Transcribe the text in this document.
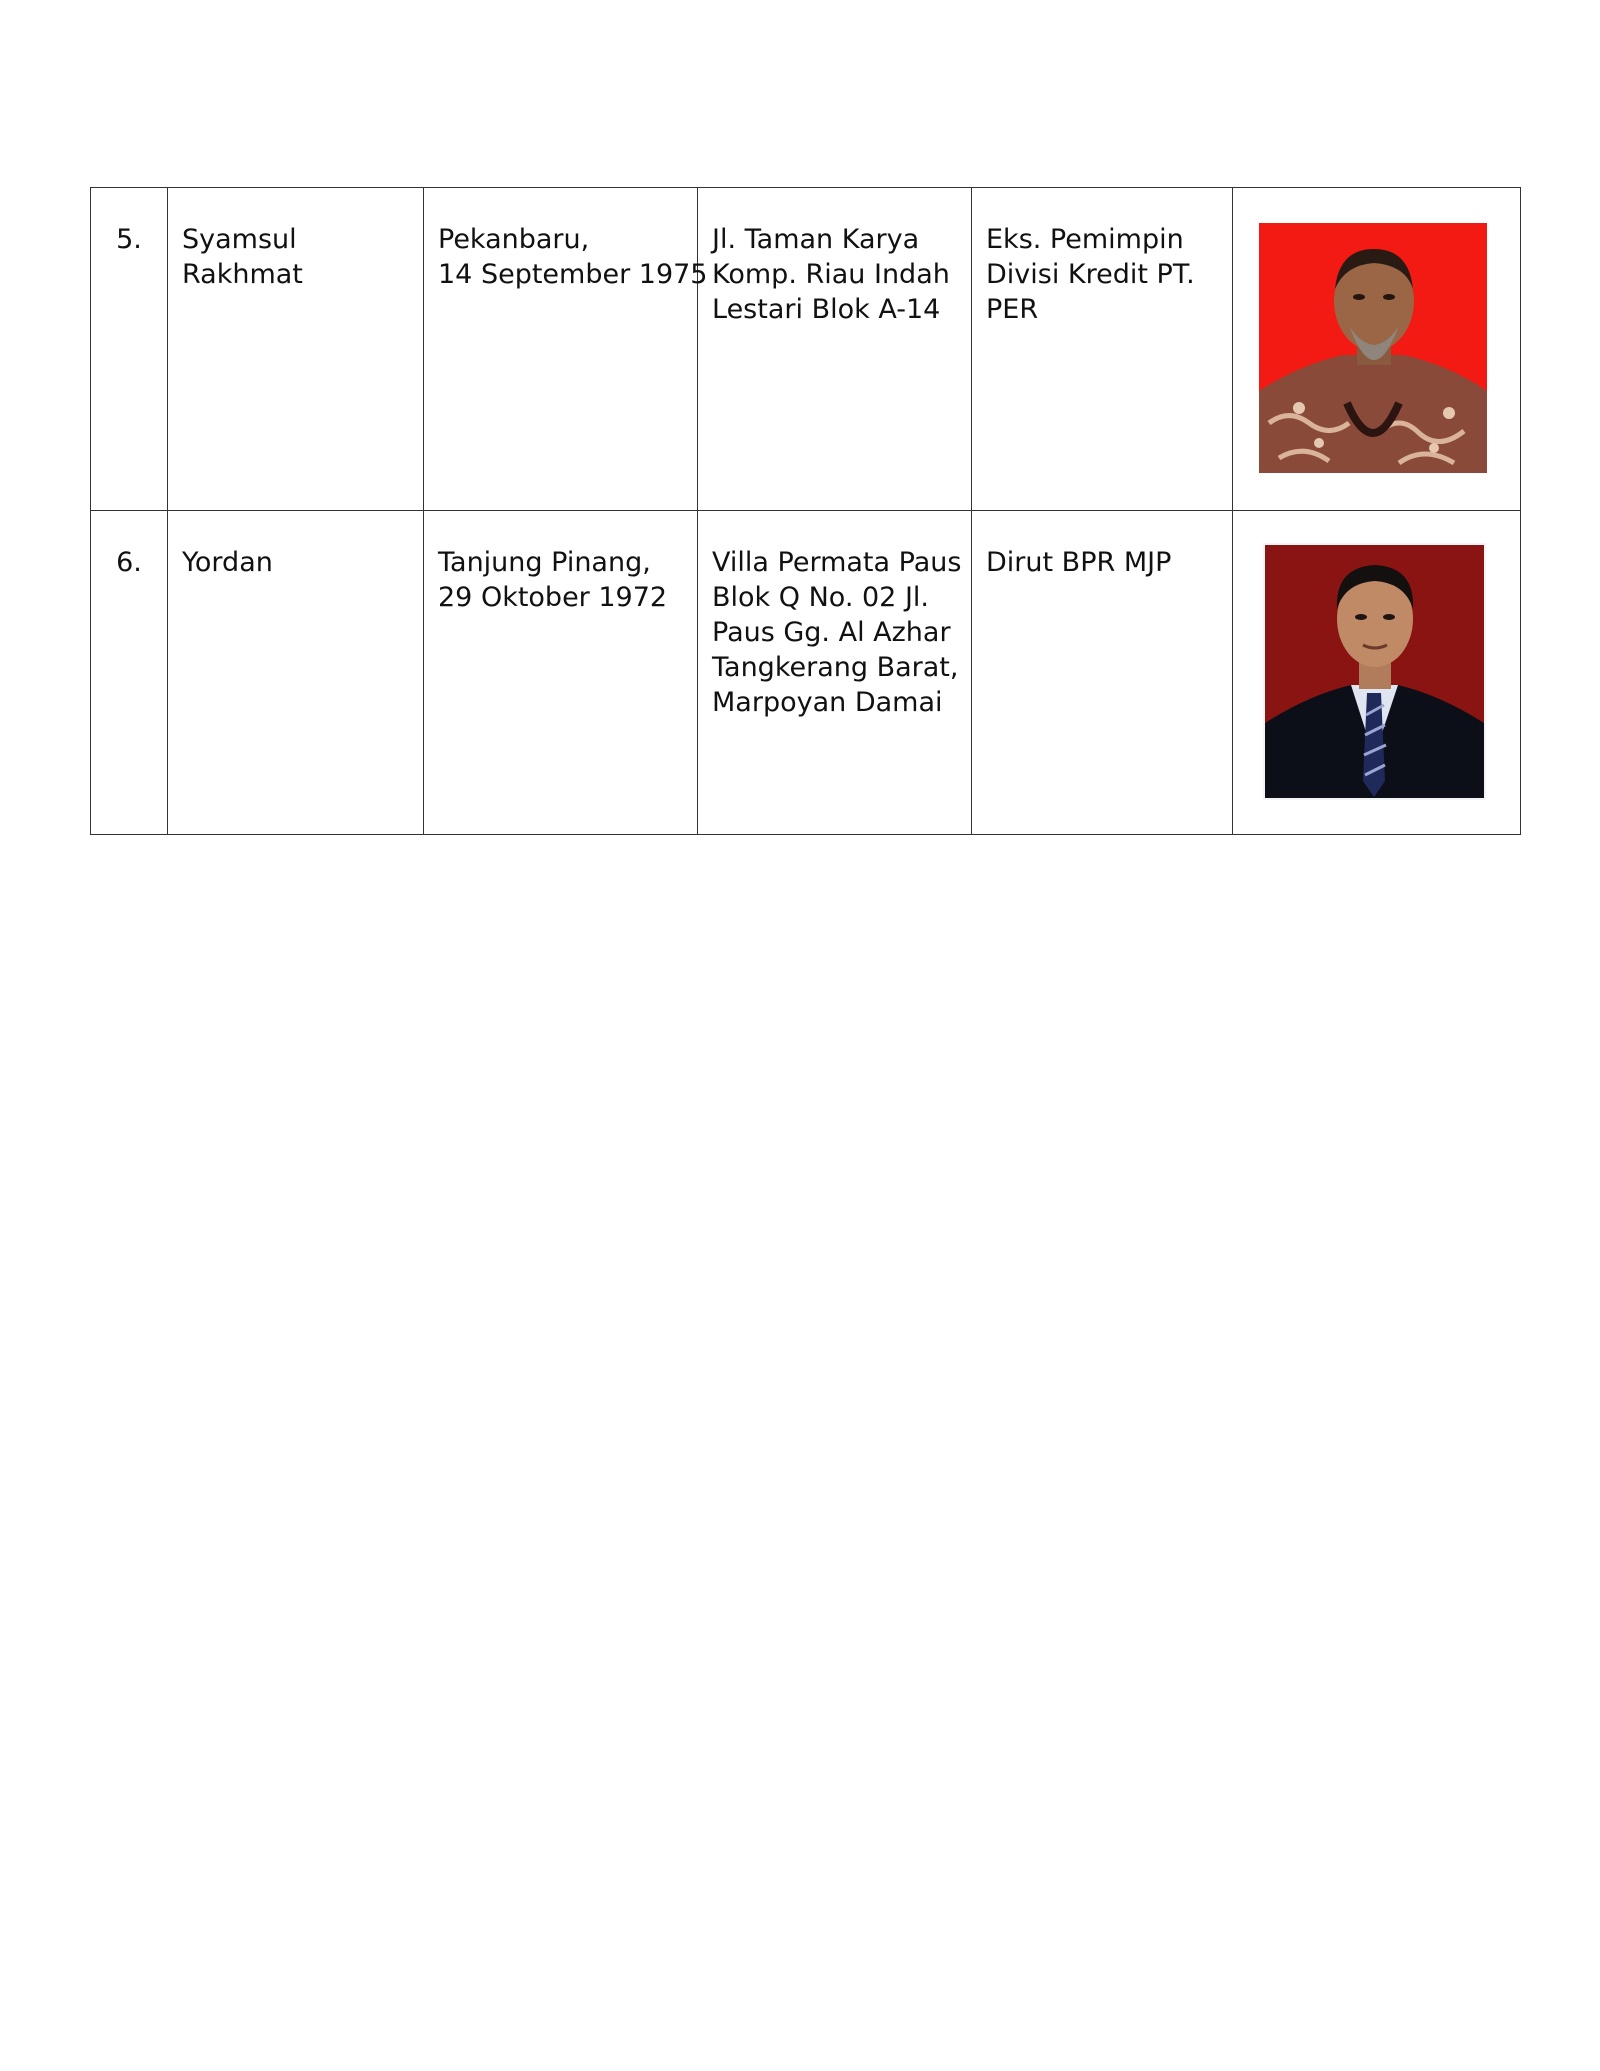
5.	Syamsul Rakhmat	Pekanbaru,
14 September 1975	Jl. Taman Karya
Komp. Riau Indah
Lestari Blok A-14	Eks. Pemimpin
Divisi Kredit PT.
PER

6.	Yordan	Tanjung Pinang,
29 Oktober 1972	Villa Permata Paus
Blok Q No. 02 Jl.
Paus Gg. Al Azhar
Tangkerang Barat,
Marpoyan Damai	Dirut BPR MJP
